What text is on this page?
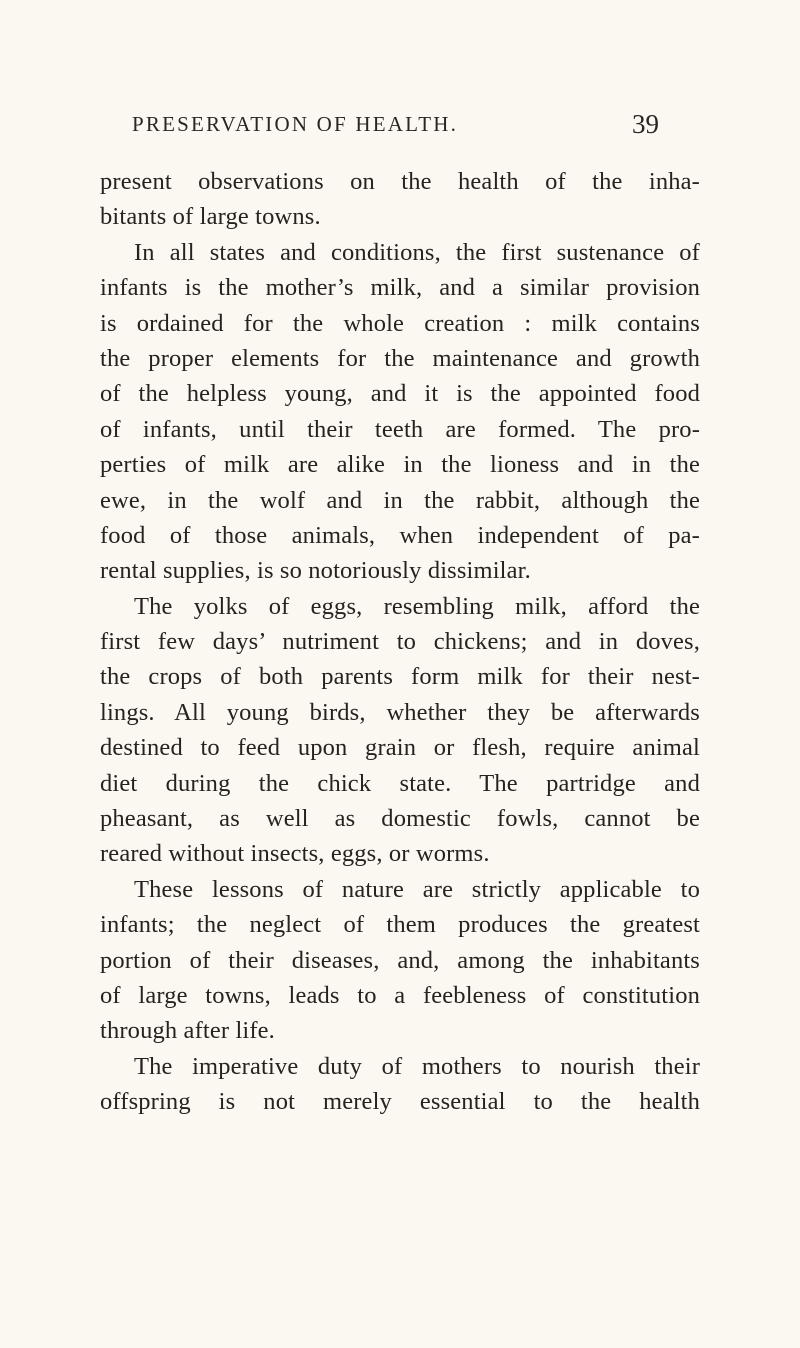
PRESERVATION OF HEALTH.	39
present observations on the health of the inha-
bitants of large towns.
In all states and conditions, the first sustenance of
infants is the mother’s milk, and a similar provision
is ordained for the whole creation : milk contains
the proper elements for the maintenance and growth
of the helpless young, and it is the appointed food
of infants, until their teeth are formed. The pro-
perties of milk are alike in the lioness and in the
ewe, in the wolf and in the rabbit, although the
food of those animals, when independent of pa-
rental supplies, is so notoriously dissimilar.
The yolks of eggs, resembling milk, afford the
first few days’ nutriment to chickens; and in doves,
the crops of both parents form milk for their nest-
lings. All young birds, whether they be afterwards
destined to feed upon grain or flesh, require animal
diet during the chick state. The partridge and
pheasant, as well as domestic fowls, cannot be
reared without insects, eggs, or worms.
These lessons of nature are strictly applicable to
infants; the neglect of them produces the greatest
portion of their diseases, and, among the inhabitants
of large towns, leads to a feebleness of constitution
through after life.
The imperative duty of mothers to nourish their
offspring is not merely essential to the health
